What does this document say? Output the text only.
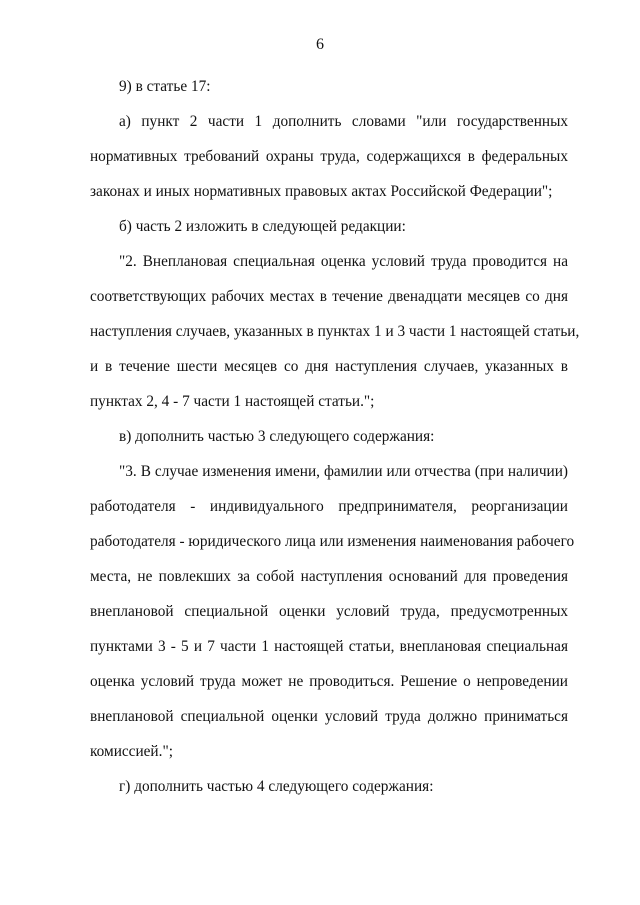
6
9) в статье 17:
а) пункт 2 части 1 дополнить словами "или государственных
нормативных требований охраны труда, содержащихся в федеральных
законах и иных нормативных правовых актах Российской Федерации";
б) часть 2 изложить в следующей редакции:
"2. Внеплановая специальная оценка условий труда проводится на
соответствующих рабочих местах в течение двенадцати месяцев со дня
наступления случаев, указанных в пунктах 1 и 3 части 1 настоящей статьи,
и в течение шести месяцев со дня наступления случаев, указанных в
пунктах 2, 4 - 7 части 1 настоящей статьи.";
в) дополнить частью 3 следующего содержания:
"3. В случае изменения имени, фамилии или отчества (при наличии)
работодателя - индивидуального предпринимателя, реорганизации
работодателя - юридического лица или изменения наименования рабочего
места, не повлекших за собой наступления оснований для проведения
внеплановой специальной оценки условий труда, предусмотренных
пунктами 3 - 5 и 7 части 1 настоящей статьи, внеплановая специальная
оценка условий труда может не проводиться. Решение о непроведении
внеплановой специальной оценки условий труда должно приниматься
комиссией.";
г) дополнить частью 4 следующего содержания:
